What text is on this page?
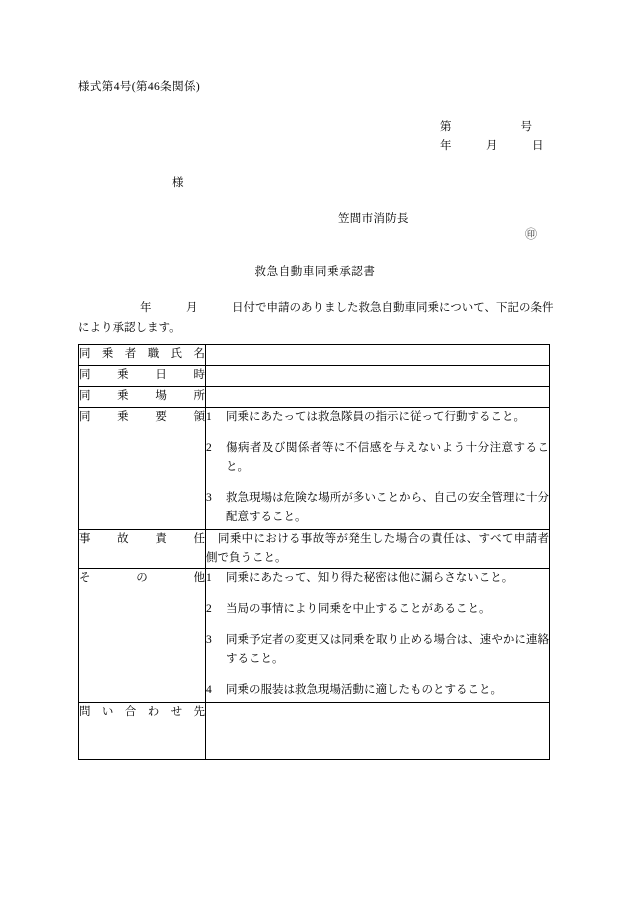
様式第4号(第46条関係)
第　　　　　　号
年　　　月　　　日
様
笠間市消防長
㊞
救急自動車同乗承認書
年　　　月　　　日付で申請のありました救急自動車同乗について、下記の条件により承認します。
同乗者職氏名	

同乗日時	

同乗場所	

同乗要領	1 同乗にあたっては救急隊員の指示に従って行動すること。
2 傷病者及び関係者等に不信感を与えないよう十分注意すること。
3 救急現場は危険な場所が多いことから、自己の安全管理に十分配意すること。

事故責任	同乗中における事故等が発生した場合の責任は、すべて申請者側で負うこと。

その他	1 同乗にあたって、知り得た秘密は他に漏らさないこと。
2 当局の事情により同乗を中止することがあること。
3 同乗予定者の変更又は同乗を取り止める場合は、速やかに連絡すること。
4 同乗の服装は救急現場活動に適したものとすること。

問い合わせ先	
